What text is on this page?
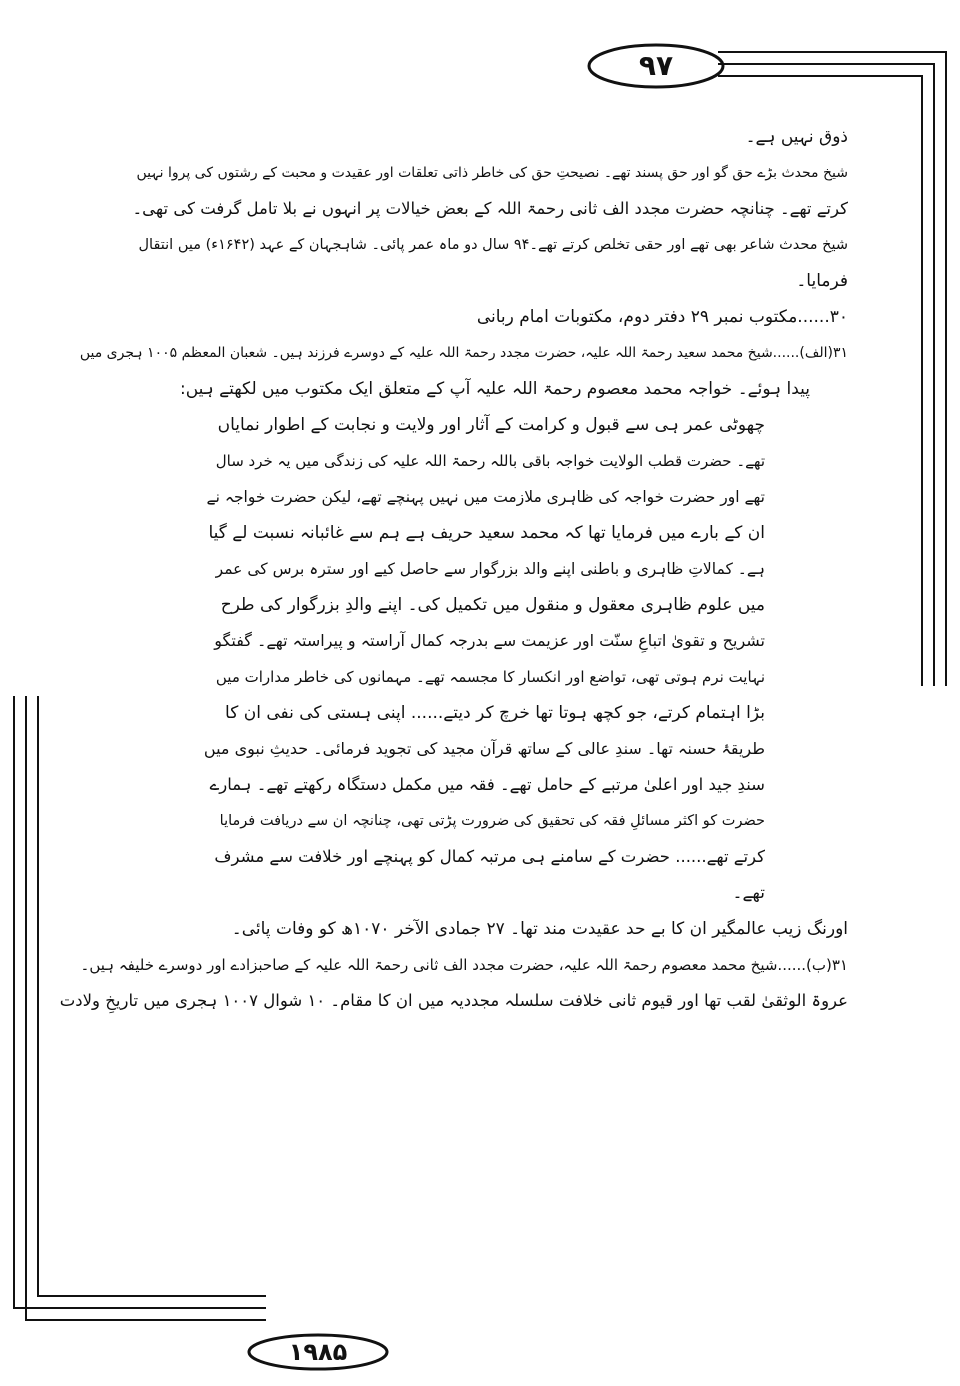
۹۷
ذوق نہیں ہے۔
شیخ محدث بڑے حق گو اور حق پسند تھے۔ نصیحتِ حق کی خاطر ذاتی تعلقات اور عقیدت و محبت کے رشتوں کی پروا نہیں
کرتے تھے۔ چنانچہ حضرت مجدد الف ثانی رحمۃ اللہ کے بعض خیالات پر انہوں نے بلا تامل گرفت کی تھی۔
شیخ محدث شاعر بھی تھے اور حقی تخلص کرتے تھے۔۹۴ سال دو ماہ عمر پائی۔ شاہجہان کے عہد (۱۶۴۲ء) میں انتقال
فرمایا۔
۳۰......مکتوب نمبر ۲۹ دفتر دوم، مکتوبات امام ربانی
۳۱(الف)......شیخ محمد سعید رحمۃ اللہ علیہ، حضرت مجدد رحمۃ اللہ علیہ کے دوسرے فرزند ہیں۔ شعبان المعظم ۱۰۰۵ ہجری میں
پیدا ہوئے۔ خواجہ محمد معصوم رحمۃ اللہ علیہ آپ کے متعلق ایک مکتوب میں لکھتے ہیں:
چھوٹی عمر ہی سے قبول و کرامت کے آثار اور ولایت و نجابت کے اطوار نمایاں
تھے۔ حضرت قطب الولایت خواجہ باقی باللہ رحمۃ اللہ علیہ کی زندگی میں یہ خرد سال
تھے اور حضرت خواجہ کی ظاہری ملازمت میں نہیں پہنچے تھے، لیکن حضرت خواجہ نے
ان کے بارے میں فرمایا تھا کہ محمد سعید حریف ہے ہم سے غائبانہ نسبت لے گیا
ہے۔ کمالاتِ ظاہری و باطنی اپنے والد بزرگوار سے حاصل کیے اور سترہ برس کی عمر
میں علوم ظاہری معقول و منقول میں تکمیل کی۔ اپنے والدِ بزرگوار کی طرح
تشریح و تقویٰ اتباعِ سنّت اور عزیمت سے بدرجہ کمال آراستہ و پیراستہ تھے۔ گفتگو
نہایت نرم ہوتی تھی، تواضع اور انکسار کا مجسمہ تھے۔ مہمانوں کی خاطر مدارات میں
بڑا اہتمام کرتے، جو کچھ ہوتا تھا خرچ کر دیتے...... اپنی ہستی کی نفی ان کا
طریقۂ حسنہ تھا۔ سندِ عالی کے ساتھ قرآن مجید کی تجوید فرمائی۔ حدیثِ نبوی میں
سندِ جید اور اعلیٰ مرتبے کے حامل تھے۔ فقہ میں مکمل دستگاہ رکھتے تھے۔ ہمارے
حضرت کو اکثر مسائلِ فقہ کی تحقیق کی ضرورت پڑتی تھی، چنانچہ ان سے دریافت فرمایا
کرتے تھے...... حضرت کے سامنے ہی مرتبہ کمال کو پہنچے اور خلافت سے مشرف
تھے۔
اورنگ زیب عالمگیر ان کا بے حد عقیدت مند تھا۔ ۲۷ جمادی الآخر ۱۰۷۰ھ کو وفات پائی۔
۳۱(ب)......شیخ محمد معصوم رحمۃ اللہ علیہ، حضرت مجدد الف ثانی رحمۃ اللہ علیہ کے صاحبزادے اور دوسرے خلیفہ ہیں۔
عروۃ الوثقیٰ لقب تھا اور قیوم ثانی خلافت سلسلہ مجددیہ میں ان کا مقام۔ ۱۰ شوال ۱۰۰۷ ہجری میں تاریخِ ولادت
۱۹۸۵
